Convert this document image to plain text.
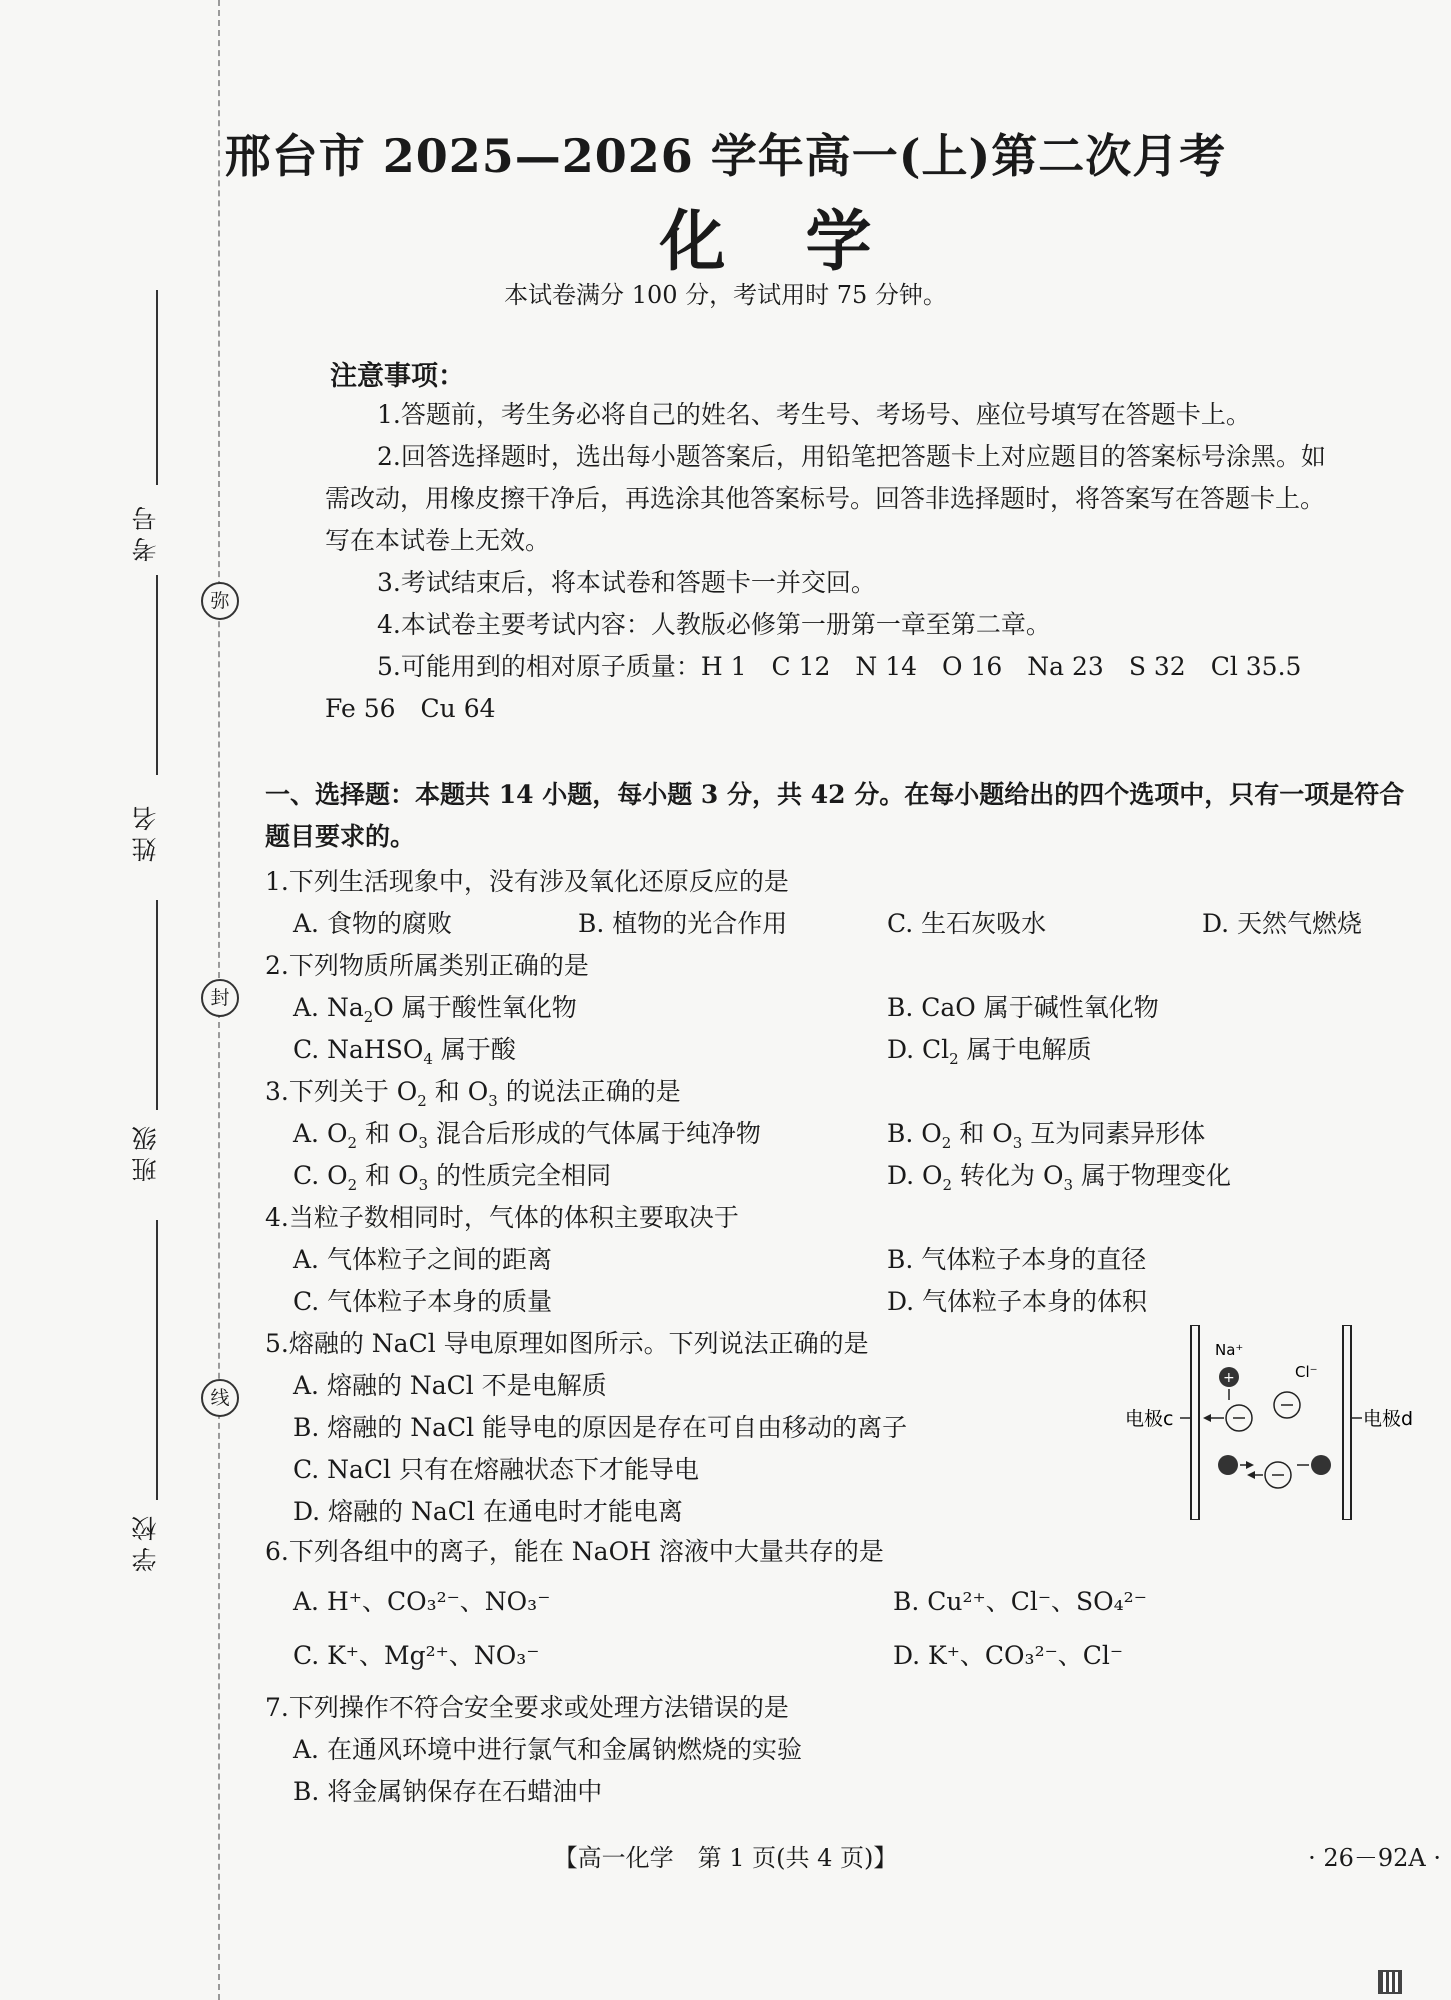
弥
封
线
考号
姓名
班级
学校
邢台市 2025—2026 学年高一(上)第二次月考
化学
本试卷满分 100 分，考试用时 75 分钟。
注意事项：
1.答题前，考生务必将自己的姓名、考生号、考场号、座位号填写在答题卡上。
2.回答选择题时，选出每小题答案后，用铅笔把答题卡上对应题目的答案标号涂黑。如需改动，用橡皮擦干净后，再选涂其他答案标号。回答非选择题时，将答案写在答题卡上。写在本试卷上无效。
3.考试结束后，将本试卷和答题卡一并交回。
4.本试卷主要考试内容：人教版必修第一册第一章至第二章。
5.可能用到的相对原子质量：H 1　C 12　N 14　O 16　Na 23　S 32　Cl 35.5
Fe 56　Cu 64
一、选择题：本题共 14 小题，每小题 3 分，共 42 分。在每小题给出的四个选项中，只有一项是符合题目要求的。
1.下列生活现象中，没有涉及氧化还原反应的是
A. 食物的腐败	B. 植物的光合作用	C. 生石灰吸水	D. 天然气燃烧
2.下列物质所属类别正确的是
A. $Na_2O$ 属于酸性氧化物	B. CaO 属于碱性氧化物
C. NaHSO$_4$ 属于酸	D. $Cl_2$ 属于电解质
3.下列关于 $O_2$ 和 $O_3$ 的说法正确的是
A. $O_2$ 和 $O_3$ 混合后形成的气体属于纯净物	B. $O_2$ 和 $O_3$ 互为同素异形体
C. $O_2$ 和 $O_3$ 的性质完全相同	D. $O_2$ 转化为 $O_3$ 属于物理变化
4.当粒子数相同时，气体的体积主要取决于
A. 气体粒子之间的距离	B. 气体粒子本身的直径
C. 气体粒子本身的质量	D. 气体粒子本身的体积
5.熔融的 NaCl 导电原理如图所示。下列说法正确的是
A. 熔融的 NaCl 不是电解质
B. 熔融的 NaCl 能导电的原因是存在可自由移动的离子
C. NaCl 只有在熔融状态下才能导电
D. 熔融的 NaCl 在通电时才能电离
电极c	电极d
Na⁺
Cl⁻
+
6.下列各组中的离子，能在 NaOH 溶液中大量共存的是
A. H⁺、CO₃²⁻、NO₃⁻	B. Cu²⁺、Cl⁻、SO₄²⁻
C. K⁺、Mg²⁺、NO₃⁻	D. K⁺、CO₃²⁻、Cl⁻
7.下列操作不符合安全要求或处理方法错误的是
A. 在通风环境中进行氯气和金属钠燃烧的实验
B. 将金属钠保存在石蜡油中
【高一化学　第 1 页(共 4 页)】	· 26－92A ·
